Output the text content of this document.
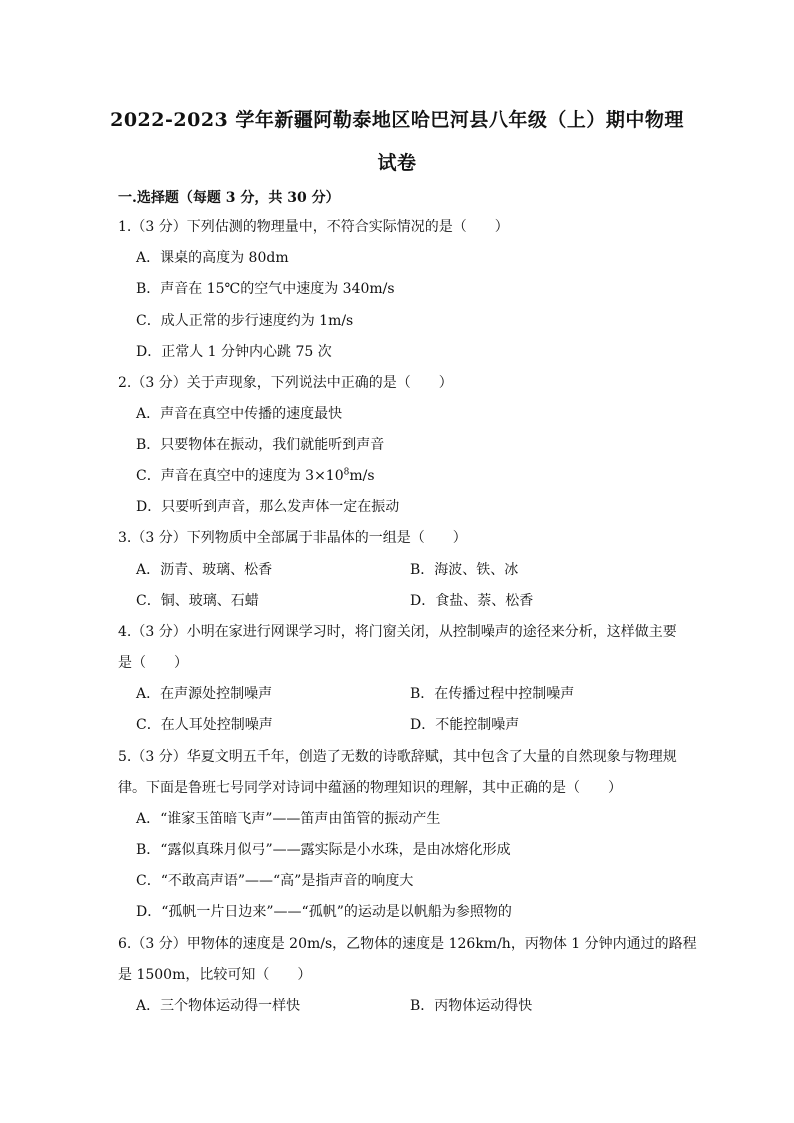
2022-2023 学年新疆阿勒泰地区哈巴河县八年级（上）期中物理
试卷
一.选择题（每题 3 分，共 30 分）
1.（3 分）下列估测的物理量中，不符合实际情况的是（　　）
A．课桌的高度为 80dm
B．声音在 15℃的空气中速度为 340m/s
C．成人正常的步行速度约为 1m/s
D．正常人 1 分钟内心跳 75 次
2.（3 分）关于声现象，下列说法中正确的是（　　）
A．声音在真空中传播的速度最快
B．只要物体在振动，我们就能听到声音
C．声音在真空中的速度为 $3\times 10^8m/s$
D．只要听到声音，那么发声体一定在振动
3.（3 分）下列物质中全部属于非晶体的一组是（　　）
A．沥青、玻璃、松香	B．海波、铁、冰
C．铜、玻璃、石蜡	D．食盐、萘、松香
4.（3 分）小明在家进行网课学习时，将门窗关闭，从控制噪声的途径来分析，这样做主要
是（　　）
A．在声源处控制噪声	B．在传播过程中控制噪声
C．在人耳处控制噪声	D．不能控制噪声
5.（3 分）华夏文明五千年，创造了无数的诗歌辞赋，其中包含了大量的自然现象与物理规
律。下面是鲁班七号同学对诗词中蕴涵的物理知识的理解，其中正确的是（　　）
A．“谁家玉笛暗飞声”——笛声由笛管的振动产生
B．“露似真珠月似弓”——露实际是小水珠，是由冰熔化形成
C．“不敢高声语”——“高”是指声音的响度大
D．“孤帆一片日边来”——“孤帆”的运动是以帆船为参照物的
6.（3 分）甲物体的速度是 20m/s，乙物体的速度是 126km/h，丙物体 1 分钟内通过的路程
是 1500m，比较可知（　　）
A．三个物体运动得一样快	B．丙物体运动得快
